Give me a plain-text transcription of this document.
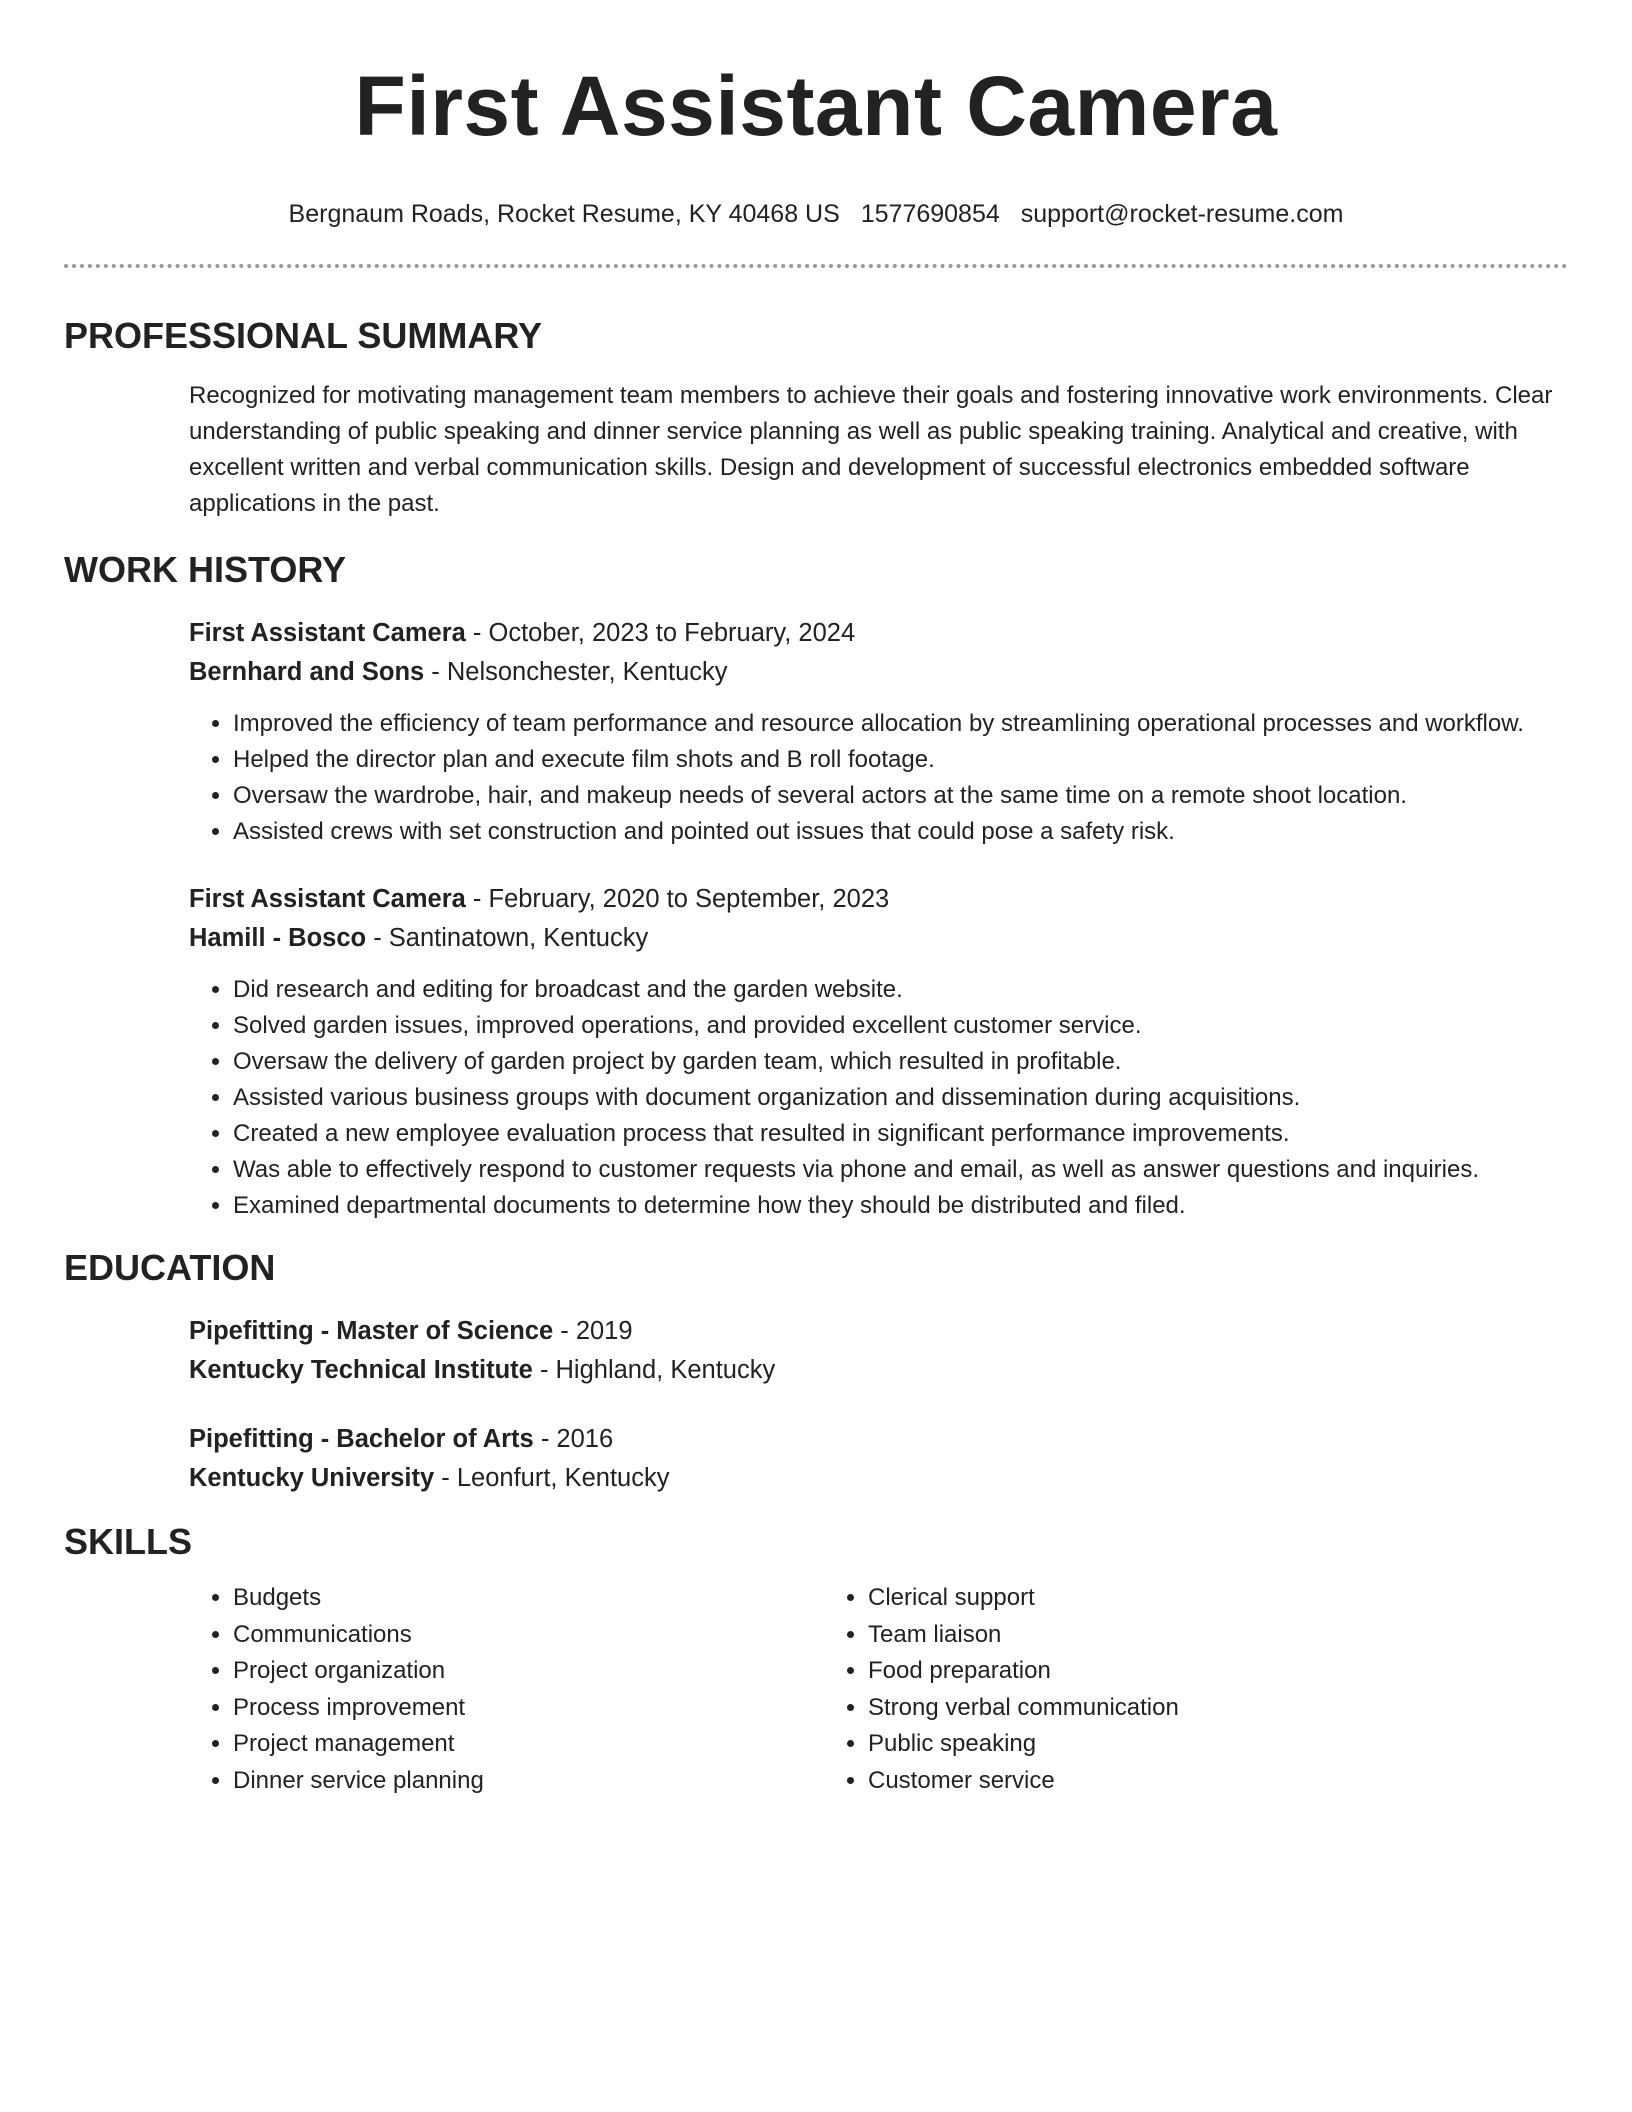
First Assistant Camera
Bergnaum Roads, Rocket Resume, KY 40468 US 1577690854 support@rocket-resume.com
PROFESSIONAL SUMMARY
Recognized for motivating management team members to achieve their goals and fostering innovative work environments. Clear understanding of public speaking and dinner service planning as well as public speaking training. Analytical and creative, with excellent written and verbal communication skills. Design and development of successful electronics embedded software applications in the past.
WORK HISTORY
First Assistant Camera - October, 2023 to February, 2024
Bernhard and Sons - Nelsonchester, Kentucky
• Improved the efficiency of team performance and resource allocation by streamlining operational processes and workflow.
• Helped the director plan and execute film shots and B roll footage.
• Oversaw the wardrobe, hair, and makeup needs of several actors at the same time on a remote shoot location.
• Assisted crews with set construction and pointed out issues that could pose a safety risk.
First Assistant Camera - February, 2020 to September, 2023
Hamill - Bosco - Santinatown, Kentucky
• Did research and editing for broadcast and the garden website.
• Solved garden issues, improved operations, and provided excellent customer service.
• Oversaw the delivery of garden project by garden team, which resulted in profitable.
• Assisted various business groups with document organization and dissemination during acquisitions.
• Created a new employee evaluation process that resulted in significant performance improvements.
• Was able to effectively respond to customer requests via phone and email, as well as answer questions and inquiries.
• Examined departmental documents to determine how they should be distributed and filed.
EDUCATION
Pipefitting - Master of Science - 2019
Kentucky Technical Institute - Highland, Kentucky
Pipefitting - Bachelor of Arts - 2016
Kentucky University - Leonfurt, Kentucky
SKILLS
• Budgets
• Communications
• Project organization
• Process improvement
• Project management
• Dinner service planning
• Clerical support
• Team liaison
• Food preparation
• Strong verbal communication
• Public speaking
• Customer service
